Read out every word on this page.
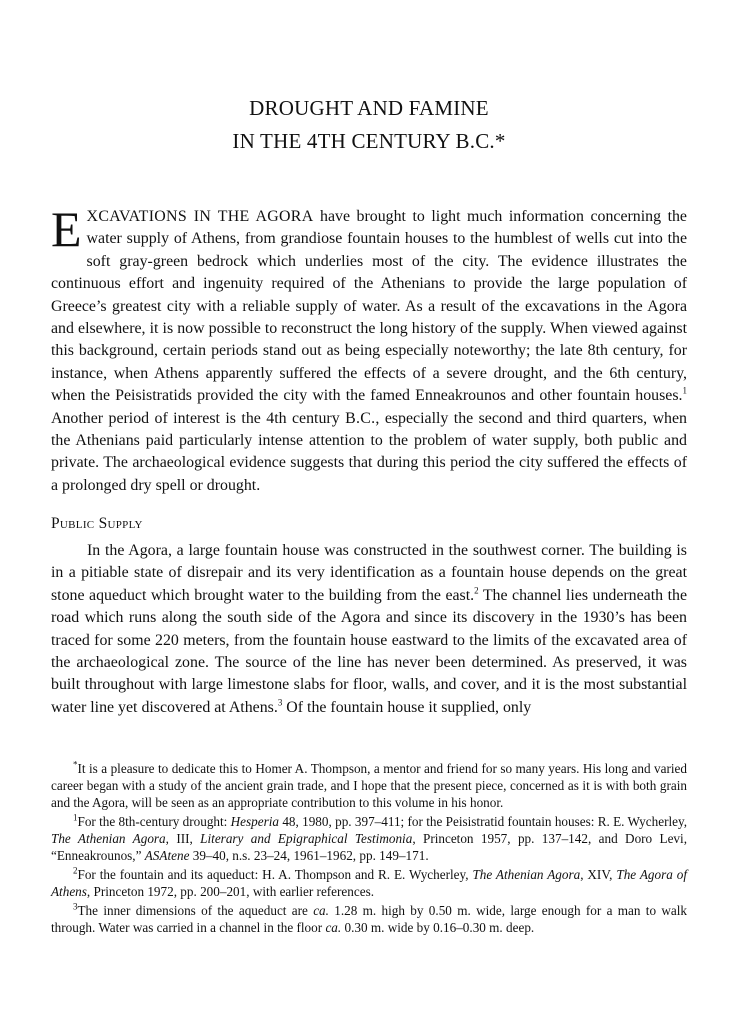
DROUGHT AND FAMINE
IN THE 4TH CENTURY B.C.*

EXCAVATIONS IN THE AGORA have brought to light much information concerning the water supply of Athens, from grandiose fountain houses to the humblest of wells cut into the soft gray-green bedrock which underlies most of the city. The evidence illustrates the continuous effort and ingenuity required of the Athenians to provide the large population of Greece’s greatest city with a reliable supply of water. As a result of the excavations in the Agora and elsewhere, it is now possible to reconstruct the long history of the supply. When viewed against this background, certain periods stand out as being especially noteworthy; the late 8th century, for instance, when Athens apparently suffered the effects of a severe drought, and the 6th century, when the Peisistratids provided the city with the famed Enneakrounos and other fountain houses.$^1$ Another period of interest is the 4th century B.C., especially the second and third quarters, when the Athenians paid particularly intense attention to the problem of water supply, both public and private. The archaeological evidence suggests that during this period the city suffered the effects of a prolonged dry spell or drought.

Public Supply

In the Agora, a large fountain house was constructed in the southwest corner. The building is in a pitiable state of disrepair and its very identification as a fountain house depends on the great stone aqueduct which brought water to the building from the east.$^2$ The channel lies underneath the road which runs along the south side of the Agora and since its discovery in the 1930’s has been traced for some 220 meters, from the fountain house eastward to the limits of the excavated area of the archaeological zone. The source of the line has never been determined. As preserved, it was built throughout with large limestone slabs for floor, walls, and cover, and it is the most substantial water line yet discovered at Athens.$^3$ Of the fountain house it supplied, only

*It is a pleasure to dedicate this to Homer A. Thompson, a mentor and friend for so many years. His long and varied career began with a study of the ancient grain trade, and I hope that the present piece, concerned as it is with both grain and the Agora, will be seen as an appropriate contribution to this volume in his honor.

$^1$For the 8th-century drought: Hesperia 48, 1980, pp. 397–411; for the Peisistratid fountain houses: R. E. Wycherley, The Athenian Agora, III, Literary and Epigraphical Testimonia, Princeton 1957, pp. 137–142, and Doro Levi, “Enneakrounos,” ASAtene 39–40, n.s. 23–24, 1961–1962, pp. 149–171.

$^2$For the fountain and its aqueduct: H. A. Thompson and R. E. Wycherley, The Athenian Agora, XIV, The Agora of Athens, Princeton 1972, pp. 200–201, with earlier references.

$^3$The inner dimensions of the aqueduct are ca. 1.28 m. high by 0.50 m. wide, large enough for a man to walk through. Water was carried in a channel in the floor ca. 0.30 m. wide by 0.16–0.30 m. deep.
